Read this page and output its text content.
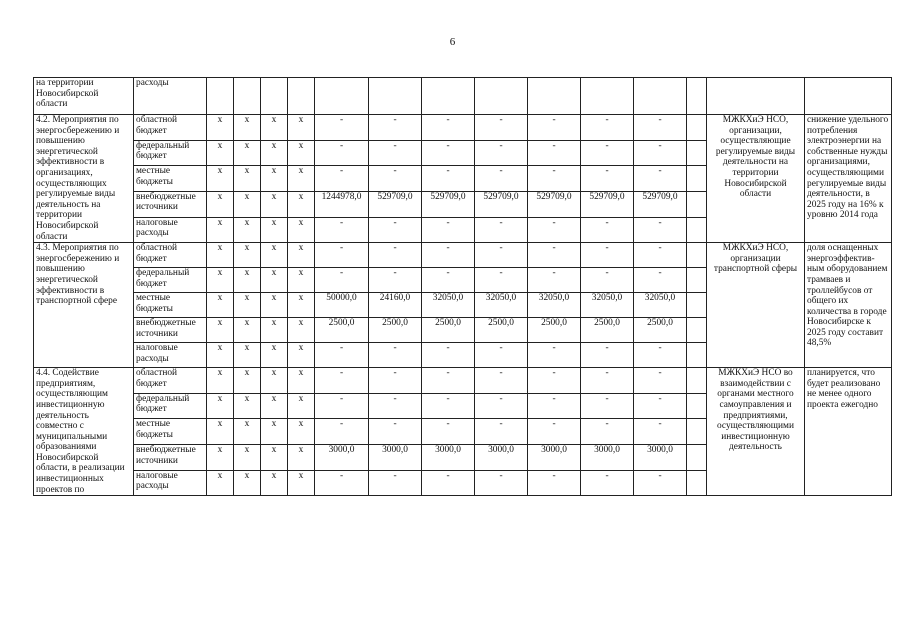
6
на территории Новосибирской области	расходы														
4.2. Мероприятия по энергосбережению и повышению энергетической эффективности в организациях, осуществляющих регулируемые виды деятельность на территории Новосибирской области	областной бюджет	х	х	х	х	-	-	-	-	-	-	-		МЖКХиЭ НСО, организации, осуществляющие регулируемые виды деятельности на территории Новосибирской области	снижение удельного потребления электроэнергии на собственные нужды организациями, осуществляющими регулируемые виды деятельности, в 2025 году на 16% к уровню 2014 года
	федеральный бюджет	х	х	х	х	-	-	-	-	-	-	-			
	местные бюджеты	х	х	х	х	-	-	-	-	-	-	-			
	внебюджетные источники	х	х	х	х	1244978,0	529709,0	529709,0	529709,0	529709,0	529709,0	529709,0			
	налоговые расходы	х	х	х	х	-	-	-	-	-	-	-			
4.3. Мероприятия по энергосбережению и повышению энергетической эффективности в транспортной сфере	областной бюджет	х	х	х	х	-	-	-	-	-	-	-		МЖКХиЭ НСО, организации транспортной сферы	доля оснащенных энергоэффектив-ным оборудованием трамваев и троллейбусов от общего их количества в городе Новосибирске к 2025 году составит 48,5%
	федеральный бюджет	х	х	х	х	-	-	-	-	-	-	-			
	местные бюджеты	х	х	х	х	50000,0	24160,0	32050,0	32050,0	32050,0	32050,0	32050,0			
	внебюджетные источники	х	х	х	х	2500,0	2500,0	2500,0	2500,0	2500,0	2500,0	2500,0			
	налоговые расходы	х	х	х	х	-	-	-	-	-	-	-			
4.4. Содействие предприятиям, осуществляющим инвестиционную деятельность совместно с муниципальными образованиями Новосибирской области, в реализации инвестиционных проектов по	областной бюджет	х	х	х	х	-	-	-	-	-	-	-		МЖКХиЭ НСО во взаимодействии с органами местного самоуправления и предприятиями, осуществляющими инвестиционную деятельность	планируется, что будет реализовано не менее одного проекта ежегодно
	федеральный бюджет	х	х	х	х	-	-	-	-	-	-	-			
	местные бюджеты	х	х	х	х	-	-	-	-	-	-	-			
	внебюджетные источники	х	х	х	х	3000,0	3000,0	3000,0	3000,0	3000,0	3000,0	3000,0			
	налоговые расходы	х	х	х	х	-	-	-	-	-	-	-			
